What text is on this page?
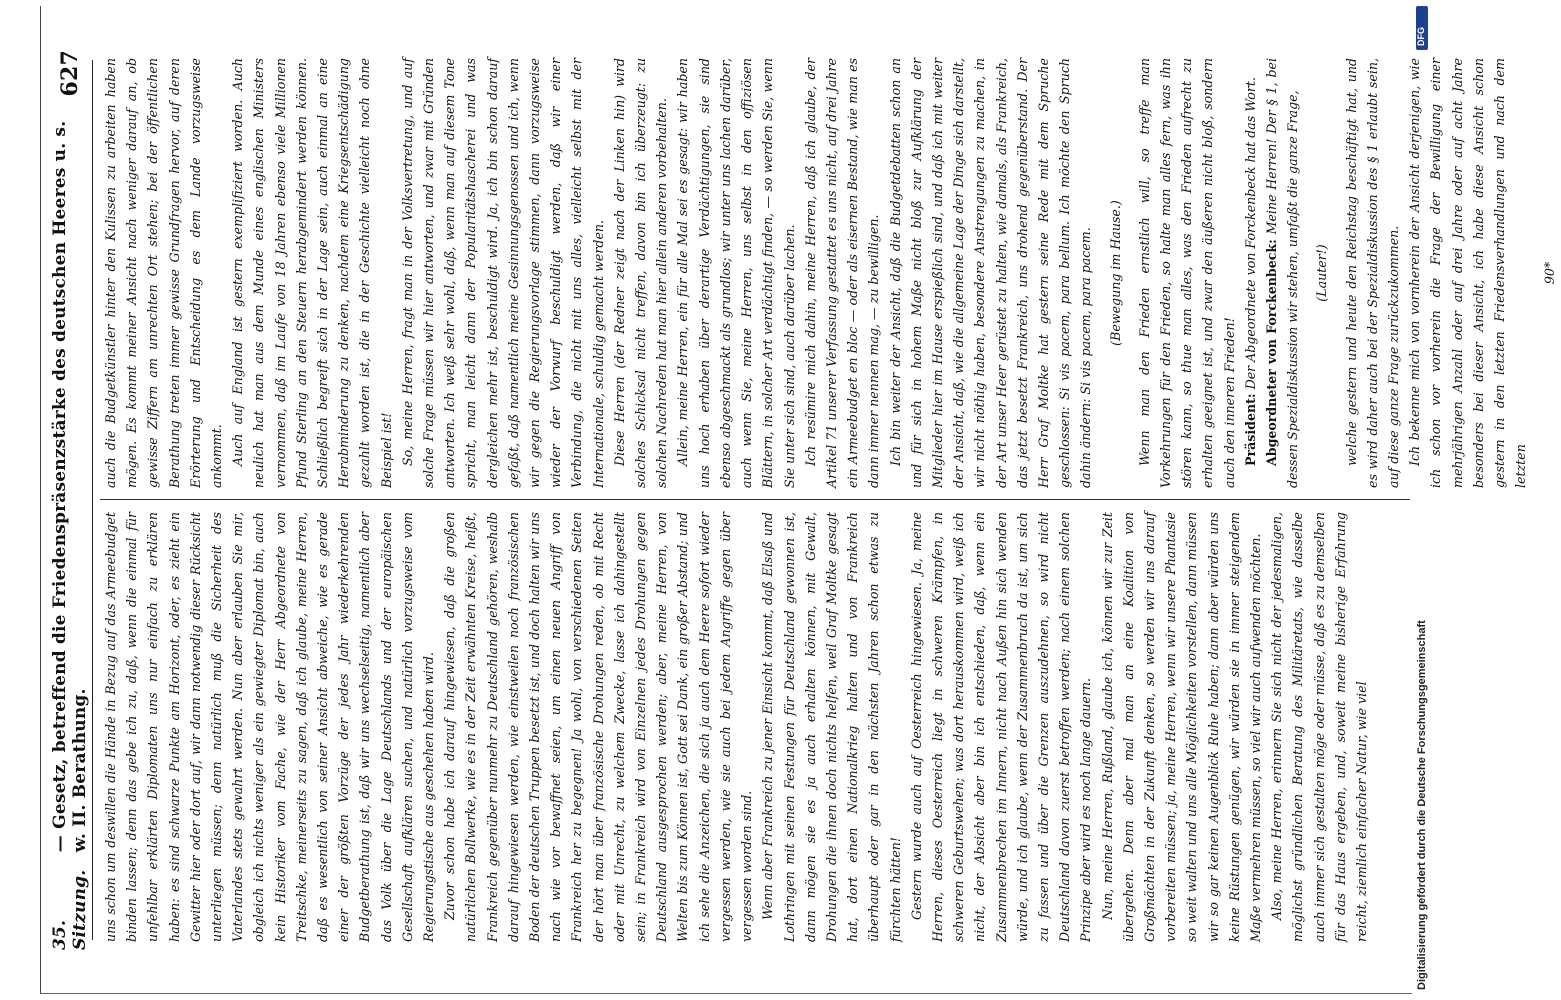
35. Sitzung.
— Gesetz, betreffend die Friedenspräsenzstärke des deutschen Heeres u. s. w. II. Berathung.
627

uns schon um deswillen die Hände in Bezug auf das Armeebudget binden lassen; denn das gebe ich zu, daß, wenn die einmal für unfehlbar erklärten Diplomaten uns nur einfach zu erklären haben: es sind schwarze Punkte am Horizont, oder, es zieht ein Gewitter hier oder dort auf, wir dann notwendig dieser Rücksicht unterliegen müssen; denn natürlich muß die Sicherheit des Vaterlandes stets gewahrt werden. Nun aber erlauben Sie mir, obgleich ich nichts weniger als ein gewiegter Diplomat bin, auch kein Historiker vom Fache, wie der Herr Abgeordnete von Treitschke, meinerseits zu sagen, daß ich glaube, meine Herren, daß es wesentlich von seiner Ansicht abweiche, wie es gerade einer der größten Vorzüge der jedes Jahr wiederkehrenden Budgetberathung ist, daß wir uns wechselseitig, namentlich aber das Volk über die Lage Deutschlands und der europäischen Gesellschaft aufklären suchen, und natürlich vorzugsweise vom Regierungstische aus geschehen haben wird. Zuvor schon habe ich darauf hingewiesen, daß die großen natürlichen Bollwerke, wie es in der Zeit erwähnten Kreise, heißt, Frankreich gegenüber nunmehr zu Deutschland gehören, weshalb darauf hingewiesen werden, wie einstweilen noch französischen Boden der deutschen Truppen besetzt ist, und doch halten wir uns nach wie vor bewaffnet seien, um einen neuen Angriff von Frankreich her zu begegnen! Ja wohl, von verschiedenen Seiten der hört man über französische Drohungen reden, ob mit Recht oder mit Unrecht, zu welchem Zwecke, lasse ich dahingestellt sein; in Frankreich wird von Einzelnen jedes Drohungen gegen Deutschland ausgesprochen werden; aber, meine Herren, von Welten bis zum Können ist, Gott sei Dank, ein großer Abstand; und ich sehe die Anzeichen, die sich ja auch dem Heere sofort wieder vergessen werden, wie sie auch bei jedem Angriffe gegen über vergessen worden sind. Wenn aber Frankreich zu jener Einsicht kommt, daß Elsaß und Lothringen mit seinen Festungen für Deutschland gewonnen ist, dann mögen sie es ja auch erhalten können, mit Gewalt, Drohungen die ihnen doch nichts helfen, weil Graf Moltke gesagt hat, dort einen Nationalkrieg halten und von Frankreich überhaupt oder gar in den nächsten Jahren schon etwas zu fürchten hätten! Gestern wurde auch auf Oesterreich hingewiesen. Ja, meine Herren, dieses Oesterreich liegt in schweren Krämpfen, in schweren Geburtswehen; was dort herauskommen wird, weiß ich nicht, der Absicht aber bin ich entschieden, daß, wenn ein Zusammenbrechen im Innern, nicht nach Außen hin sich wenden würde, und ich glaube, wenn der Zusammenbruch da ist, um sich zu fassen und über die Grenzen auszudehnen, so wird nicht Deutschland davon zuerst betroffen werden; nach einem solchen Prinzipe aber wird es noch lange dauern. Nun, meine Herren, Rußland, glaube ich, können wir zur Zeit übergehen. Denn aber mal man an eine Koalition von Großmächten in der Zukunft denken, so werden wir uns darauf vorbereiten müssen; ja, meine Herren, wenn wir unsere Phantasie so weit walten und uns alle Möglichkeiten vorstellen, dann müssen wir so gar keinen Augenblick Ruhe haben; dann aber würden uns keine Rüstungen genügen, wir würden sie in immer steigendem Maße vermehren müssen, so viel wir auch aufwenden möchten. Also, meine Herren, erinnern Sie sich nicht der jedesmaligen, möglichst gründlichen Beratung des Militäretats, wie dasselbe auch immer sich gestalten möge oder müsse, daß es zu demselben für das Haus ergeben, und, soweit meine bisherige Erfahrung reicht, ziemlich einfacher Natur, wie viel

auch die Budgetkünstler hinter den Kulissen zu arbeiten haben mögen. Es kommt meiner Ansicht nach weniger darauf an, ob gewisse Ziffern am unrechten Ort stehen; bei der öffentlichen Berathung treten immer gewisse Grundfragen hervor, auf deren Erörterung und Entscheidung es dem Lande vorzugsweise ankommt. Auch auf England ist gestern exemplifiziert worden. Auch neulich hat man aus dem Munde eines englischen Ministers vernommen, daß im Laufe von 18 Jahren ebenso viele Millionen Pfund Sterling an den Steuern herabgemindert werden können. Schließlich begreift sich in der Lage sein, auch einmal an eine Herabminderung zu denken, nachdem eine Kriegsentschädigung gezahlt worden ist, die in der Geschichte vielleicht noch ohne Beispiel ist! So, meine Herren, fragt man in der Volksvertretung, und auf solche Frage müssen wir hier antworten, und zwar mit Gründen antworten. Ich weiß sehr wohl, daß, wenn man auf diesem Tone spricht, man leicht dann der Popularitätshascherei und was dergleichen mehr ist, beschuldigt wird. Ja, ich bin schon darauf gefaßt, daß namentlich meine Gesinnungsgenossen und ich, wenn wir gegen die Regierungsvorlage stimmen, dann vorzugsweise wieder der Vorwurf beschuldigt werden, daß wir einer Verbindung, die nicht mit uns alles, vielleicht selbst mit der Internationale, schuldig gemacht werden. Diese Herren (der Redner zeigt nach der Linken hin) wird solches Schicksal nicht treffen, davon bin ich überzeugt: zu solchen Nachreden hat man hier allein anderen vorbehalten. Allein, meine Herren, ein für alle Mal sei es gesagt: wir haben uns hoch erhaben über derartige Verdächtigungen, sie sind ebenso abgeschmackt als grundlos; wir unter uns lachen darüber, auch wenn Sie, meine Herren, uns selbst in den offiziösen Blättern, in solcher Art verdächtigt finden, — so werden Sie, wenn Sie unter sich sind, auch darüber lachen. Ich resümire mich dahin, meine Herren, daß ich glaube, der Artikel 71 unserer Verfassung gestattet es uns nicht, auf drei Jahre ein Armeebudget en bloc — oder als eisernen Bestand, wie man es dann immer nennen mag, — zu bewilligen. Ich bin weiter der Ansicht, daß die Budgetdebatten schon an und für sich in hohem Maße nicht bloß zur Aufklärung der Mitglieder hier im Hause erspießlich sind, und daß ich mit weiter der Ansicht, daß, wie die allgemeine Lage der Dinge sich darstellt, wir nicht nöthig haben, besondere Anstrengungen zu machen, in der Art unser Heer gerüstet zu halten, wie damals, als Frankreich, das jetzt besetzt Frankreich, uns drohend gegenüberstand. Der Herr Graf Moltke hat gestern seine Rede mit dem Spruche geschlossen: Si vis pacem, para bellum. Ich möchte den Spruch dahin ändern: Si vis pacem, para pacem. (Bewegung im Hause.) Wenn man den Frieden ernstlich will, so treffe man Vorkehrungen für den Frieden, so halte man alles fern, was ihn stören kann, so thue man alles, was den Frieden aufrecht zu erhalten geeignet ist, und zwar den äußeren nicht bloß, sondern auch den inneren Frieden! Präsident: Der Abgeordnete von Forckenbeck hat das Wort. Abgeordneter von Forckenbeck: Meine Herren! Der § 1, bei dessen Spezialdiskussion wir stehen, umfaßt die ganze Frage, (Lauter!) welche gestern und heute den Reichstag beschäftigt hat, und es wird daher auch bei der Spezialdiskussion des § 1 erlaubt sein, auf diese ganze Frage zurückzukommen. Ich bekenne mich von vornherein der Ansicht derjenigen, wie ich schon vor vorherein die Frage der Bewilligung einer mehrjährigen Anzahl oder auf drei Jahre oder auf acht Jahre besonders bei dieser Ansicht, ich habe diese Ansicht schon gestern in den letzten Friedensverhandlungen und nach dem letzten

90*

DFG
Digitalisierung gefördert durch die Deutsche Forschungsgemeinschaft
